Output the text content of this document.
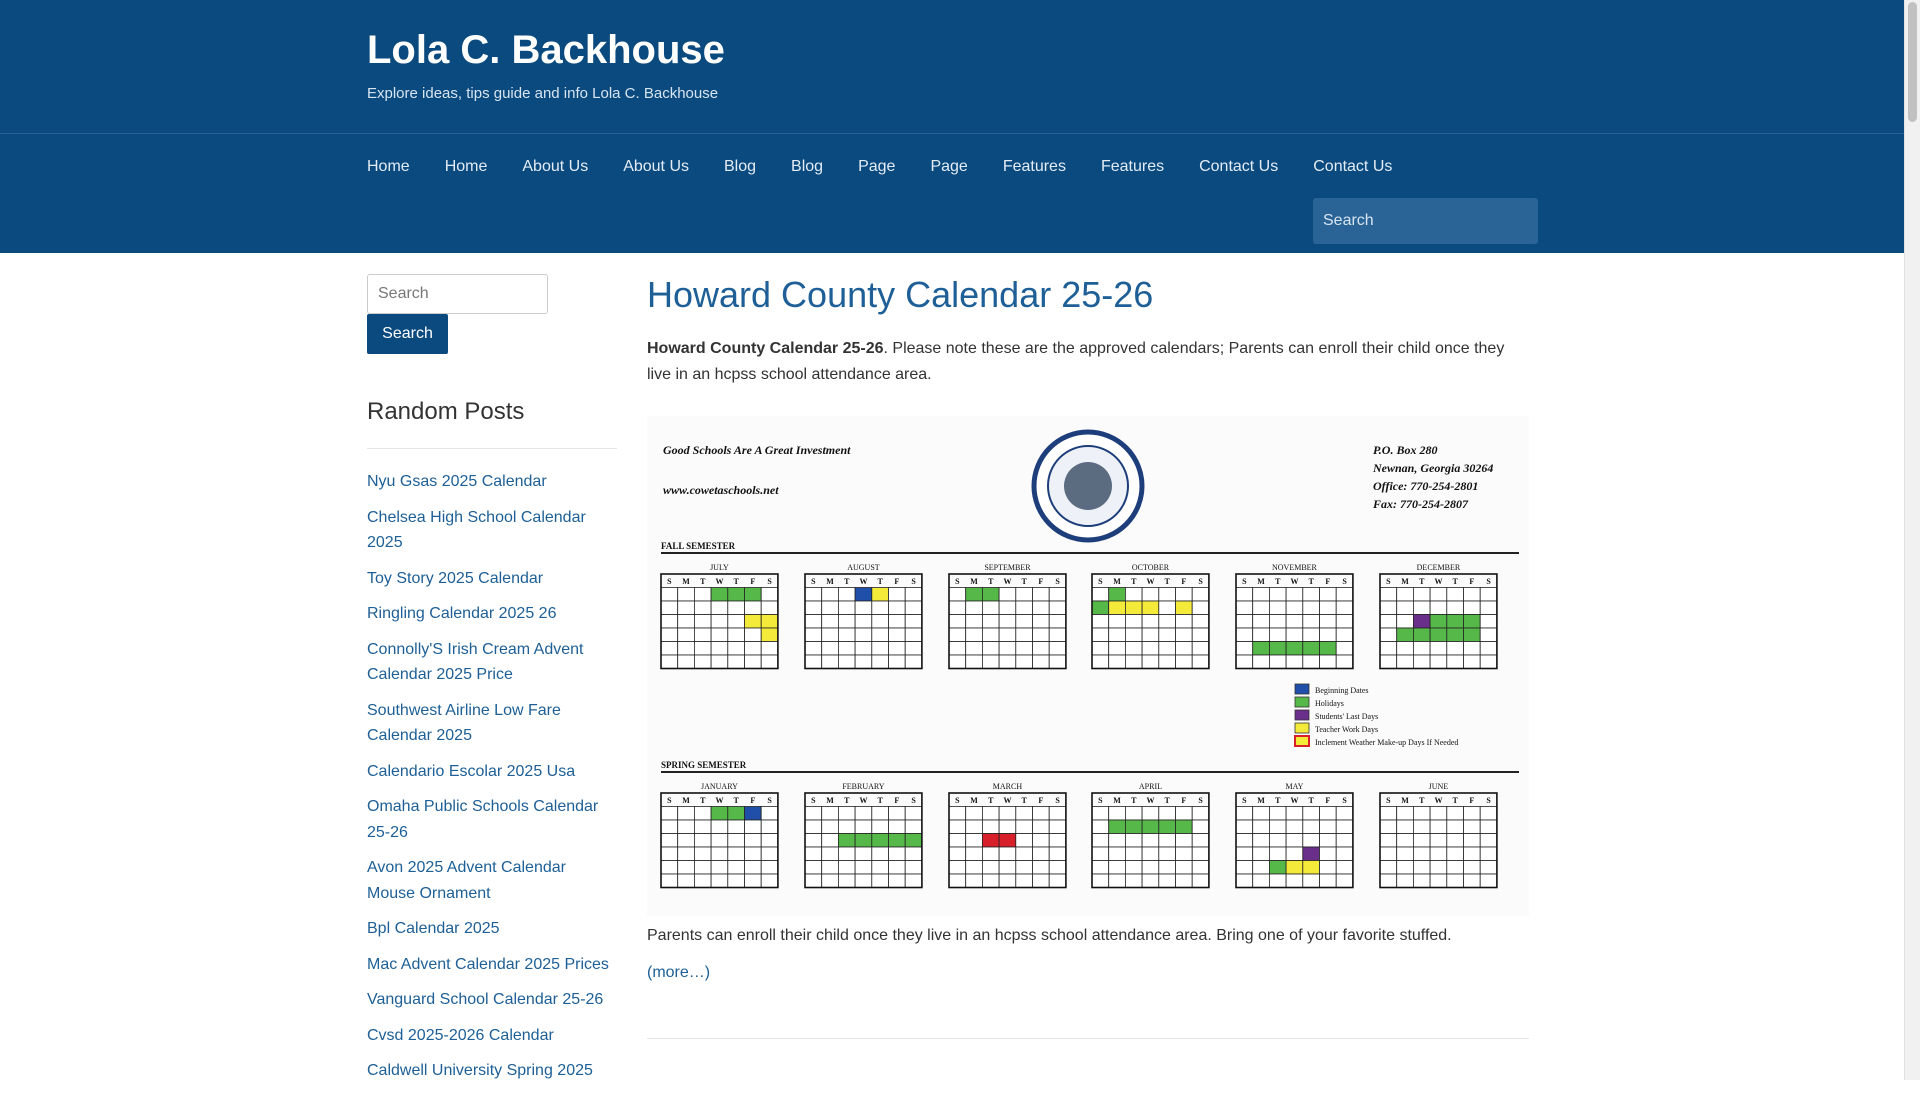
Lola C. Backhouse

Explore ideas, tips guide and info Lola C. Backhouse

Home Home About Us About Us Blog Blog Page Page Features Features Contact Us Contact Us
Search
Search
Search
Random Posts
Nyu Gsas 2025 Calendar
Chelsea High School Calendar 2025
Toy Story 2025 Calendar
Ringling Calendar 2025 26
Connolly'S Irish Cream Advent Calendar 2025 Price
Southwest Airline Low Fare Calendar 2025
Calendario Escolar 2025 Usa
Omaha Public Schools Calendar 25-26
Avon 2025 Advent Calendar Mouse Ornament
Bpl Calendar 2025
Mac Advent Calendar 2025 Prices
Vanguard School Calendar 25-26
Cvsd 2025-2026 Calendar
Caldwell University Spring 2025
Howard County Calendar 25-26

Howard County Calendar 25-26. Please note these are the approved calendars; Parents can enroll their child once they live in an hcpss school attendance area.

Good Schools Are A Great Investment
www.cowetaschools.net
P.O. Box 280
Newnan, Georgia 30264
Office: 770-254-2801
Fax: 770-254-2807
FALL SEMESTER
SPRING SEMESTER
JULY
S M T W T F S
AUGUST
S M T W T F S
SEPTEMBER
S M T W T F S
OCTOBER
S M T W T F S
NOVEMBER
S M T W T F S
DECEMBER
S M T W T F S
JANUARY
S M T W T F S
FEBRUARY
S M T W T F S
MARCH
S M T W T F S
APRIL
S M T W T F S
MAY
S M T W T F S
JUNE
S M T W T F S
Beginning Dates
Holidays
Students' Last Days
Teacher Work Days
Inclement Weather Make-up Days If Needed

Parents can enroll their child once they live in an hcpss school attendance area. Bring one of your favorite stuffed.

(more…)
